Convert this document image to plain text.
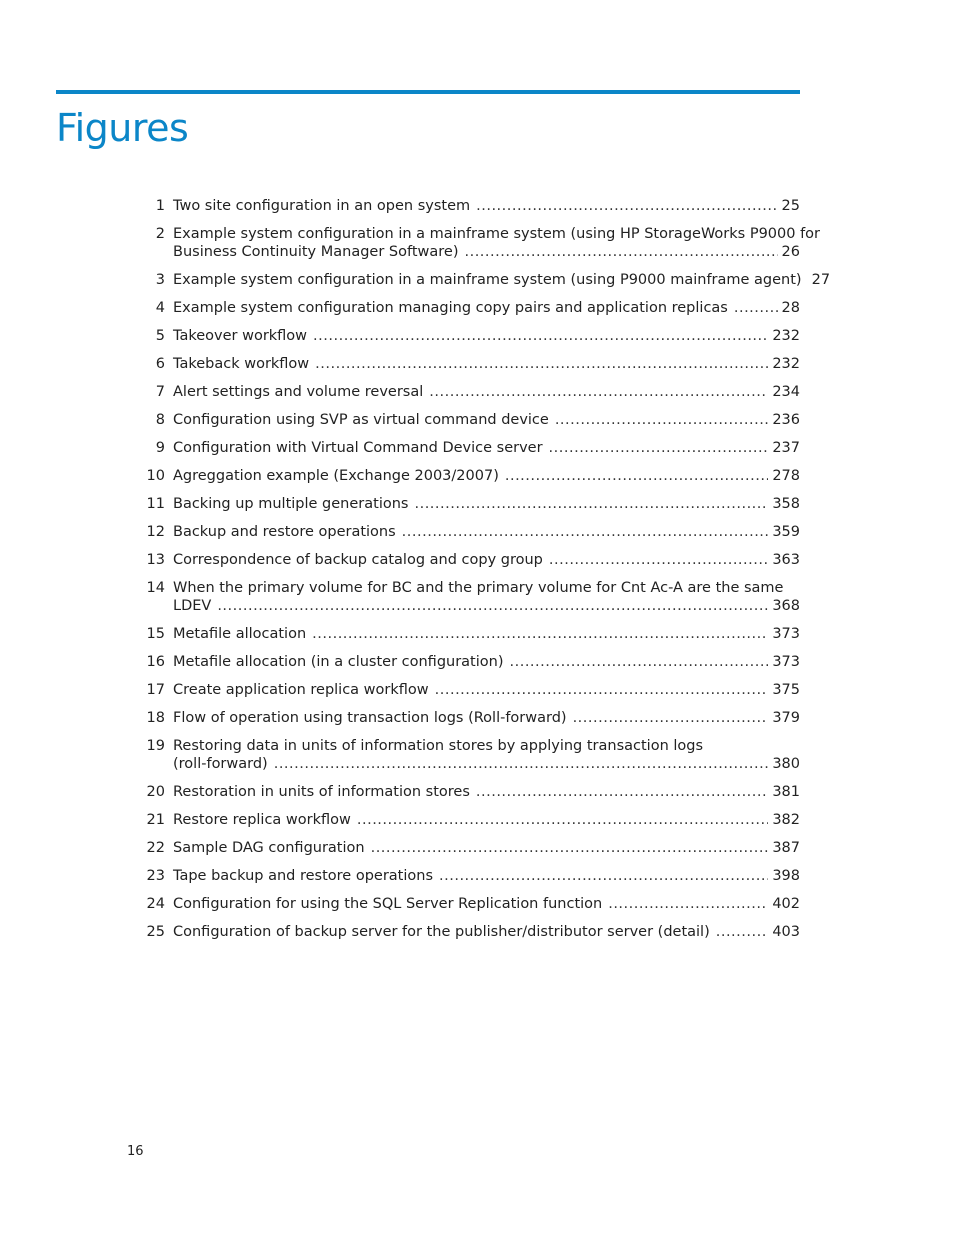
Figures
1 Two site configuration in an open system .....	25
2 Example system configuration in a mainframe system (using HP StorageWorks P9000 for
Business Continuity Manager Software) .....	26
3 Example system configuration in a mainframe system (using P9000 mainframe agent) 27
4 Example system configuration managing copy pairs and application replicas .....	28
5 Takeover workflow .....	232
6 Takeback workflow .....	232
7 Alert settings and volume reversal .....	234
8 Configuration using SVP as virtual command device .....	236
9 Configuration with Virtual Command Device server .....	237
10 Agreggation example (Exchange 2003/2007) .....	278
11 Backing up multiple generations .....	358
12 Backup and restore operations .....	359
13 Correspondence of backup catalog and copy group .....	363
14 When the primary volume for BC and the primary volume for Cnt Ac-A are the same
LDEV .....	368
15 Metafile allocation .....	373
16 Metafile allocation (in a cluster configuration) .....	373
17 Create application replica workflow .....	375
18 Flow of operation using transaction logs (Roll-forward) .....	379
19 Restoring data in units of information stores by applying transaction logs
(roll-forward) .....	380
20 Restoration in units of information stores .....	381
21 Restore replica workflow .....	382
22 Sample DAG configuration .....	387
23 Tape backup and restore operations .....	398
24 Configuration for using the SQL Server Replication function .....	402
25 Configuration of backup server for the publisher/distributor server (detail) .....	403
16
